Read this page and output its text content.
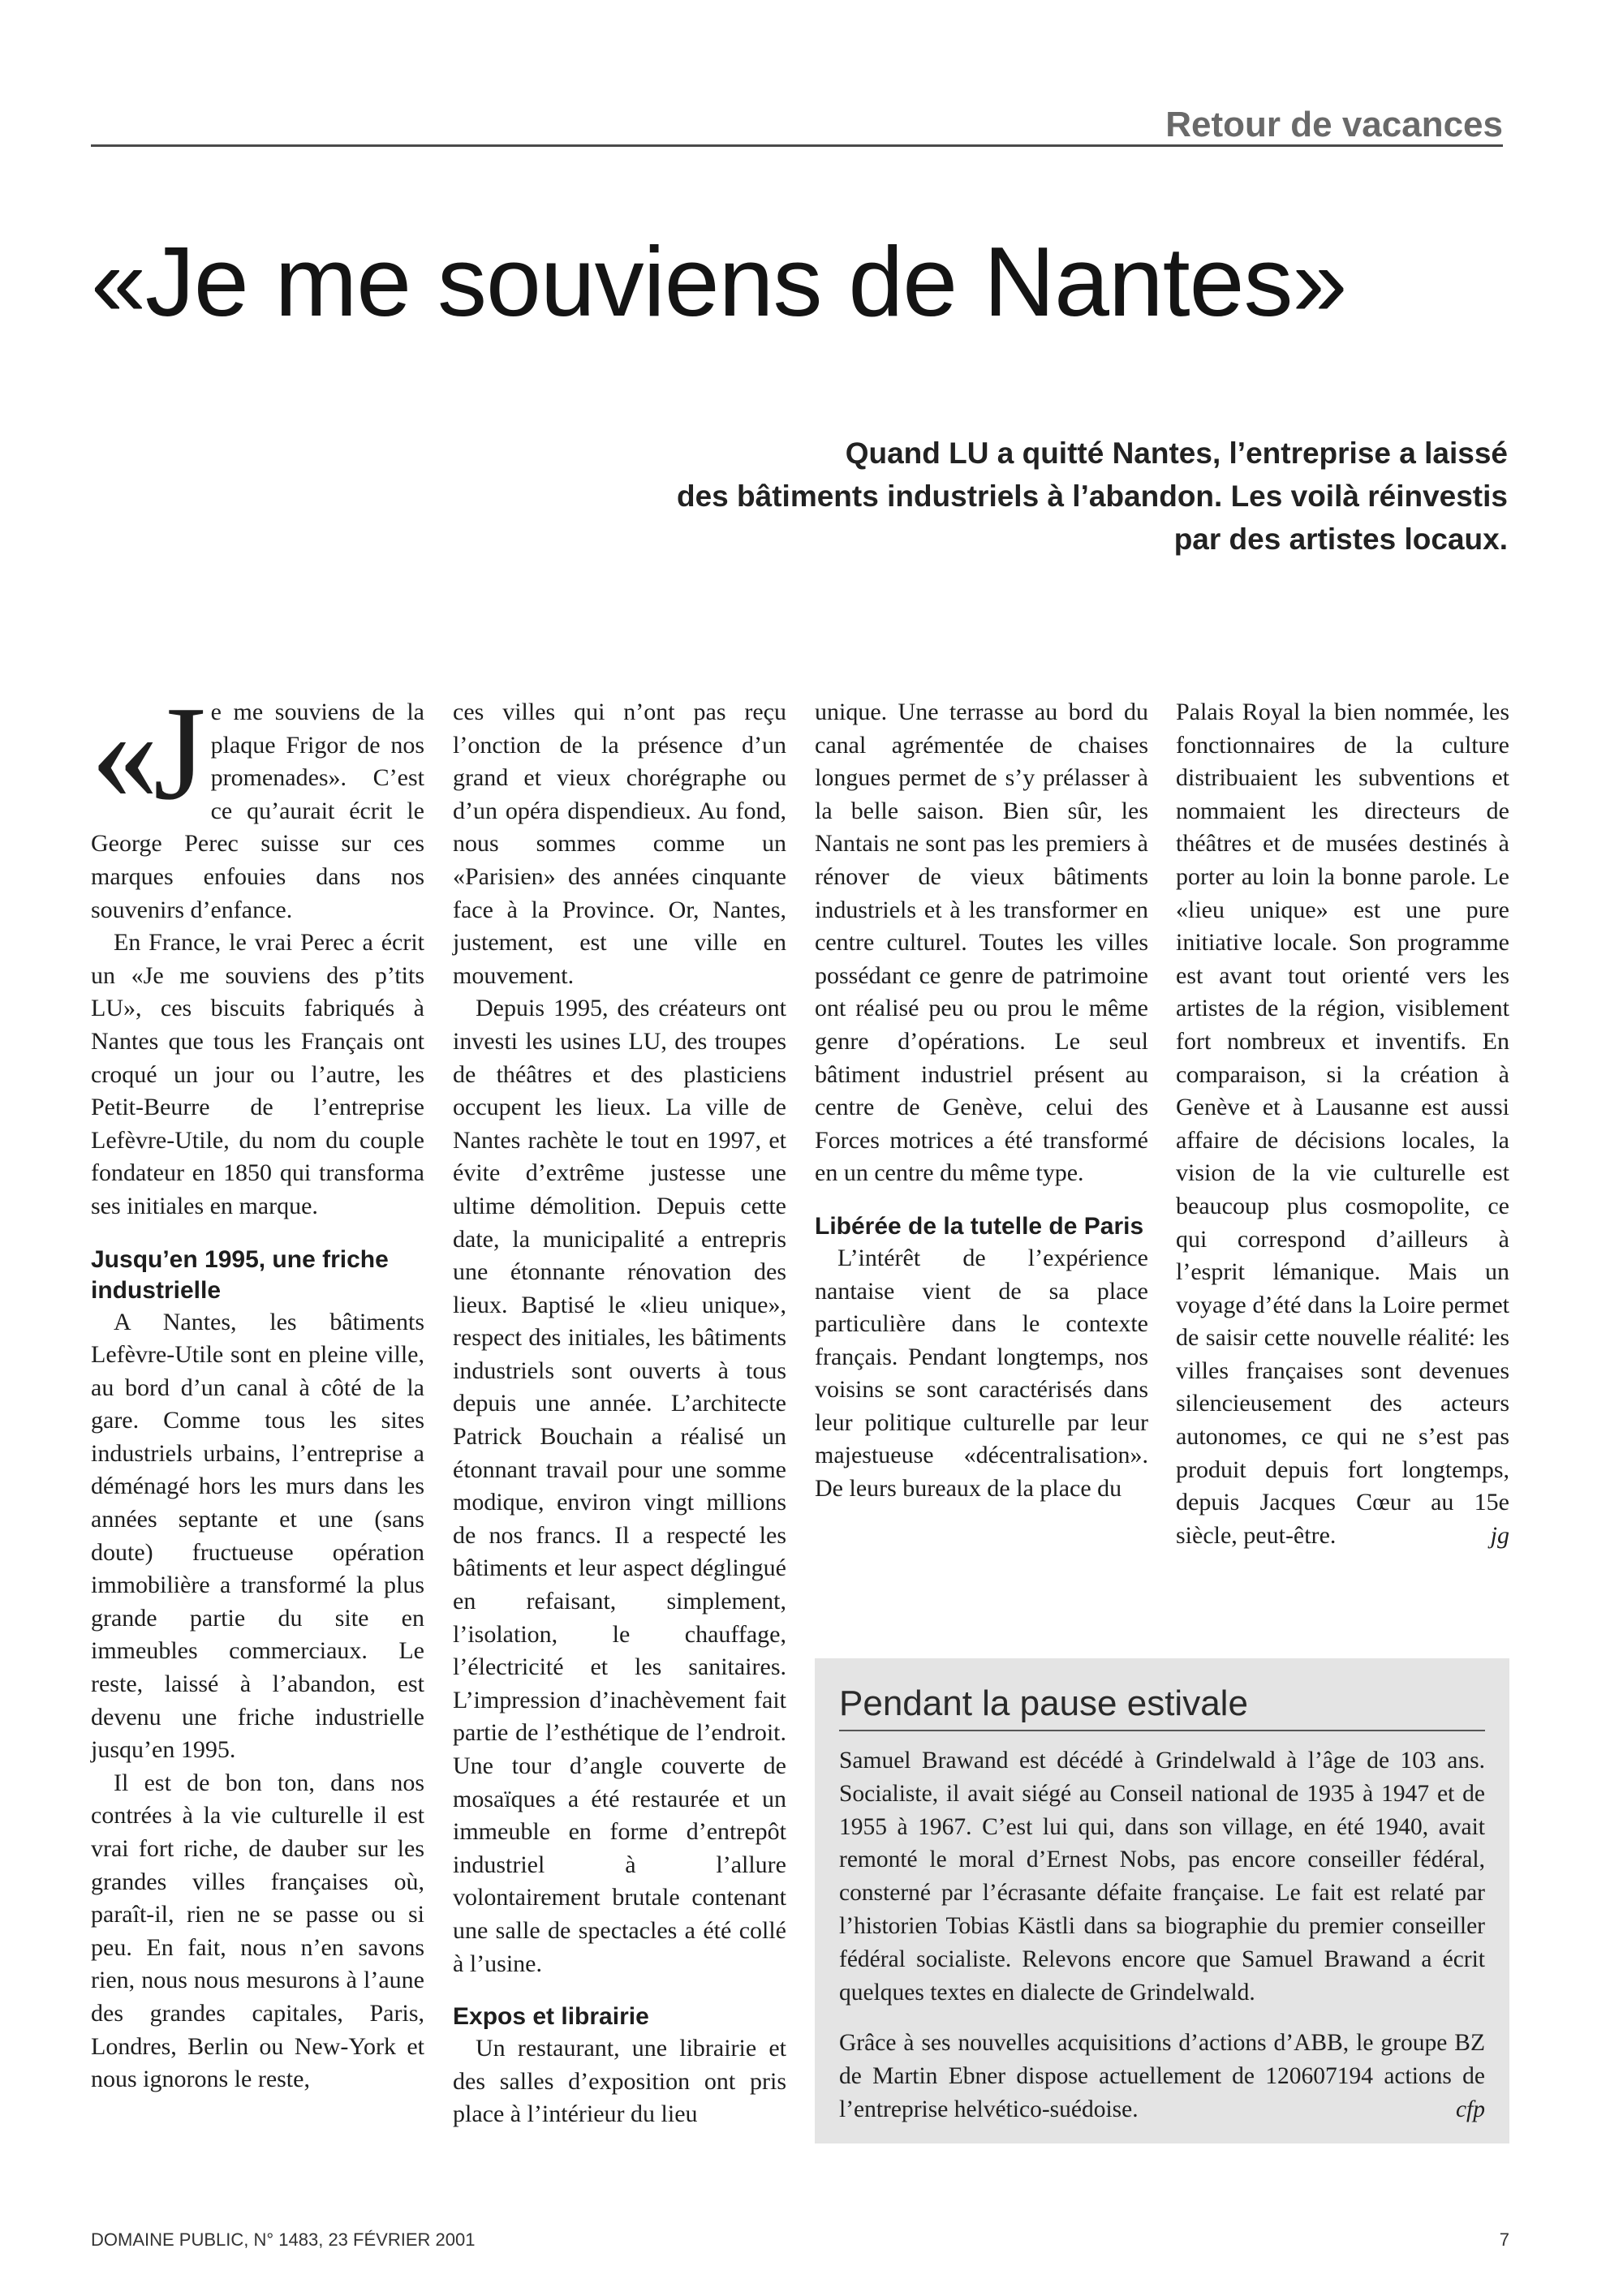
Retour de vacances
«Je me souviens de Nantes»
Quand LU a quitté Nantes, l’entreprise a laissé
des bâtiments industriels à l’abandon. Les voilà réinvestis
par des artistes locaux.

«Je me souviens de la plaque Frigor de nos promenades». C’est ce qu’aurait écrit le George Perec suisse sur ces marques enfouies dans nos souvenirs d’enfance.

En France, le vrai Perec a écrit un «Je me souviens des p’tits LU», ces biscuits fabriqués à Nantes que tous les Français ont croqué un jour ou l’autre, les Petit-Beurre de l’entreprise Lefèvre-Utile, du nom du couple fondateur en 1850 qui transforma ses initiales en marque.

Jusqu’en 1995, une friche industrielle

A Nantes, les bâtiments Lefèvre-Utile sont en pleine ville, au bord d’un canal à côté de la gare. Comme tous les sites industriels urbains, l’entreprise a déménagé hors les murs dans les années septante et une (sans doute) fructueuse opération immobilière a transformé la plus grande partie du site en immeubles commerciaux. Le reste, laissé à l’abandon, est devenu une friche industrielle jusqu’en 1995.

Il est de bon ton, dans nos contrées à la vie culturelle il est vrai fort riche, de dauber sur les grandes villes françaises où, paraît-il, rien ne se passe ou si peu. En fait, nous n’en savons rien, nous nous mesurons à l’aune des grandes capitales, Paris, Londres, Berlin ou New-York et nous ignorons le reste,

ces villes qui n’ont pas reçu l’onction de la présence d’un grand et vieux chorégraphe ou d’un opéra dispendieux. Au fond, nous sommes comme un «Parisien» des années cinquante face à la Province. Or, Nantes, justement, est une ville en mouvement.

Depuis 1995, des créateurs ont investi les usines LU, des troupes de théâtres et des plasticiens occupent les lieux. La ville de Nantes rachète le tout en 1997, et évite d’extrême justesse une ultime démolition. Depuis cette date, la municipalité a entrepris une étonnante rénovation des lieux. Baptisé le «lieu unique», respect des initiales, les bâtiments industriels sont ouverts à tous depuis une année. L’architecte Patrick Bouchain a réalisé un étonnant travail pour une somme modique, environ vingt millions de nos francs. Il a respecté les bâtiments et leur aspect déglingué en refaisant, simplement, l’isolation, le chauffage, l’électricité et les sanitaires. L’impression d’inachèvement fait partie de l’esthétique de l’endroit. Une tour d’angle couverte de mosaïques a été restaurée et un immeuble en forme d’entrepôt industriel à l’allure volontairement brutale contenant une salle de spectacles a été collé à l’usine.

Expos et librairie

Un restaurant, une librairie et des salles d’exposition ont pris place à l’intérieur du lieu

unique. Une terrasse au bord du canal agrémentée de chaises longues permet de s’y prélasser à la belle saison. Bien sûr, les Nantais ne sont pas les premiers à rénover de vieux bâtiments industriels et à les transformer en centre culturel. Toutes les villes possédant ce genre de patrimoine ont réalisé peu ou prou le même genre d’opérations. Le seul bâtiment industriel présent au centre de Genève, celui des Forces motrices a été transformé en un centre du même type.

Libérée de la tutelle de Paris

L’intérêt de l’expérience nantaise vient de sa place particulière dans le contexte français. Pendant longtemps, nos voisins se sont caractérisés dans leur politique culturelle par leur majestueuse «décentralisation». De leurs bureaux de la place du

Palais Royal la bien nommée, les fonctionnaires de la culture distribuaient les subventions et nommaient les directeurs de théâtres et de musées destinés à porter au loin la bonne parole. Le «lieu unique» est une pure initiative locale. Son programme est avant tout orienté vers les artistes de la région, visiblement fort nombreux et inventifs. En comparaison, si la création à Genève et à Lausanne est aussi affaire de décisions locales, la vision de la vie culturelle est beaucoup plus cosmopolite, ce qui correspond d’ailleurs à l’esprit lémanique. Mais un voyage d’été dans la Loire permet de saisir cette nouvelle réalité: les villes françaises sont devenues silencieusement des acteurs autonomes, ce qui ne s’est pas produit depuis fort longtemps, depuis Jacques Cœur au 15e siècle, peut-être.	jg

Pendant la pause estivale

Samuel Brawand est décédé à Grindelwald à l’âge de 103 ans. Socialiste, il avait siégé au Conseil national de 1935 à 1947 et de 1955 à 1967. C’est lui qui, dans son village, en été 1940, avait remonté le moral d’Ernest Nobs, pas encore conseiller fédéral, consterné par l’écrasante défaite française. Le fait est relaté par l’historien Tobias Kästli dans sa biographie du premier conseiller fédéral socialiste. Relevons encore que Samuel Brawand a écrit quelques textes en dialecte de Grindelwald.

Grâce à ses nouvelles acquisitions d’actions d’ABB, le groupe BZ de Martin Ebner dispose actuellement de 120607194 actions de l’entreprise helvético-suédoise.	cfp

DOMAINE PUBLIC, N° 1483, 23 FÉVRIER 2001	7
